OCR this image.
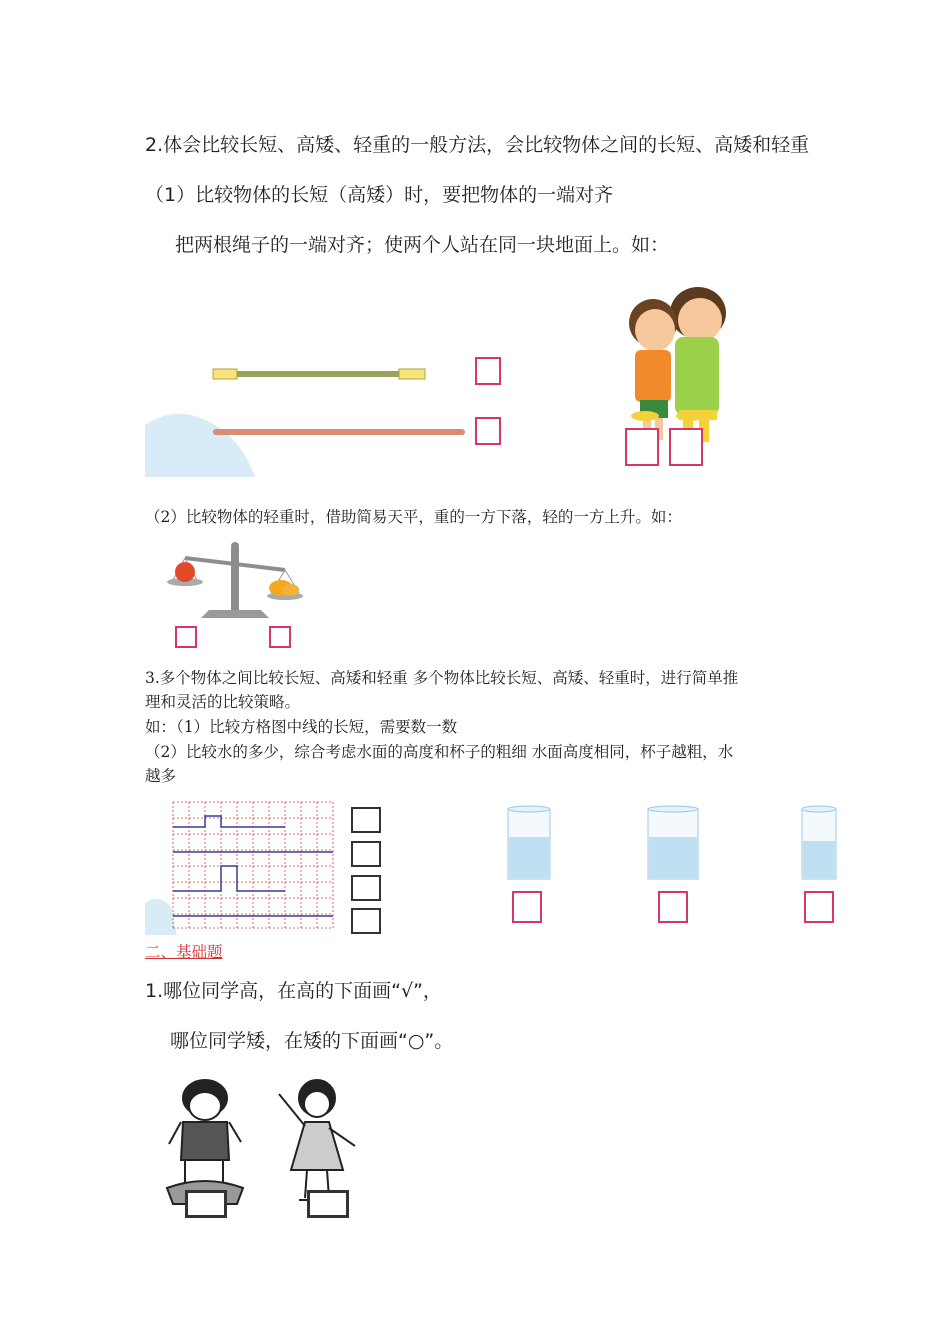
2.体会比较长短、高矮、轻重的一般方法，会比较物体之间的长短、高矮和轻重
（1）比较物体的长短（高矮）时，要把物体的一端对齐
把两根绳子的一端对齐；使两个人站在同一块地面上。如：
（2）比较物体的轻重时，借助简易天平，重的一方下落，轻的一方上升。如：
3.多个物体之间比较长短、高矮和轻重 多个物体比较长短、高矮、轻重时，进行简单推
理和灵活的比较策略。
如：（1）比较方格图中线的长短，需要数一数
（2）比较水的多少，综合考虑水面的高度和杯子的粗细 水面高度相同，杯子越粗，水
越多
二、基础题
1.哪位同学高，在高的下面画“√”，
哪位同学矮，在矮的下面画“○”。
